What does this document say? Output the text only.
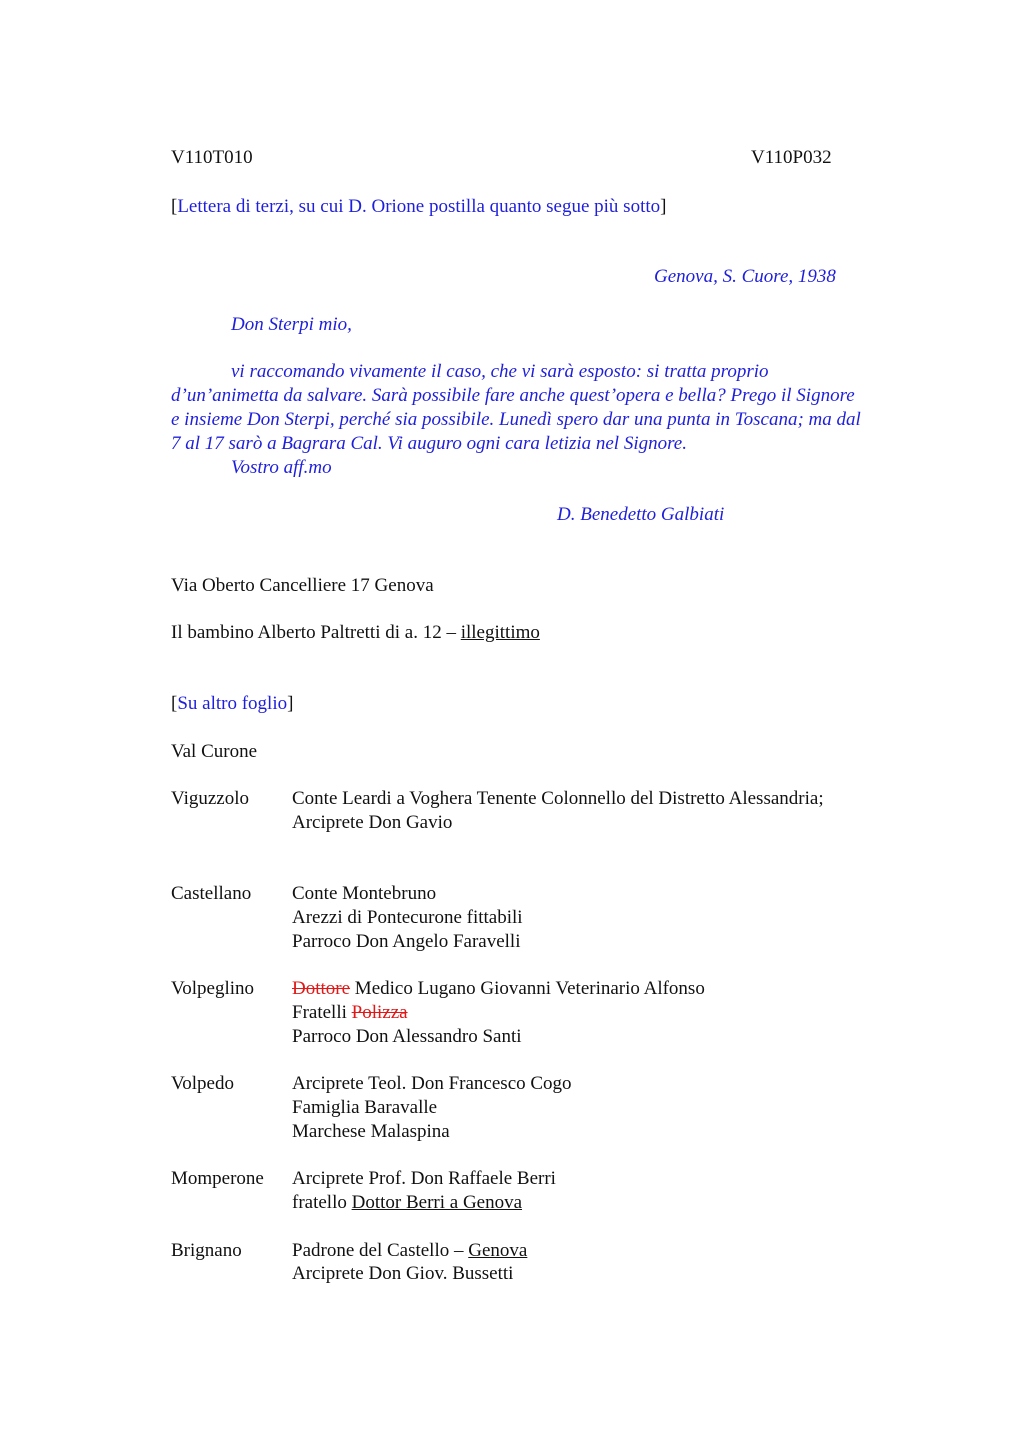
V110T010	V110P032
[Lettera di terzi, su cui D. Orione postilla quanto segue più sotto]
Genova, S. Cuore, 1938
Don Sterpi mio,
vi raccomando vivamente il caso, che vi sarà esposto: si tratta proprio
d’un’animetta da salvare. Sarà possibile fare anche quest’opera e bella? Prego il Signore
e insieme Don Sterpi, perché sia possibile. Lunedì spero dar una punta in Toscana; ma dal
7 al 17 sarò a Bagrara Cal. Vi auguro ogni cara letizia nel Signore.
Vostro aff.mo
D. Benedetto Galbiati
Via Oberto Cancelliere 17 Genova
Il bambino Alberto Paltretti di a. 12 – illegittimo
[Su altro foglio]
Val Curone
Viguzzolo Conte Leardi a Voghera Tenente Colonnello del Distretto Alessandria;
Arciprete Don Gavio
Castellano Conte Montebruno
Arezzi di Pontecurone fittabili
Parroco Don Angelo Faravelli
Volpeglino Dottore Medico Lugano Giovanni Veterinario Alfonso
Fratelli Polizza
Parroco Don Alessandro Santi
Volpedo	Arciprete Teol. Don Francesco Cogo
Famiglia Baravalle
Marchese Malaspina
Momperone Arciprete Prof. Don Raffaele Berri
fratello Dottor Berri a Genova
Brignano	Padrone del Castello – Genova
Arciprete Don Giov. Bussetti
